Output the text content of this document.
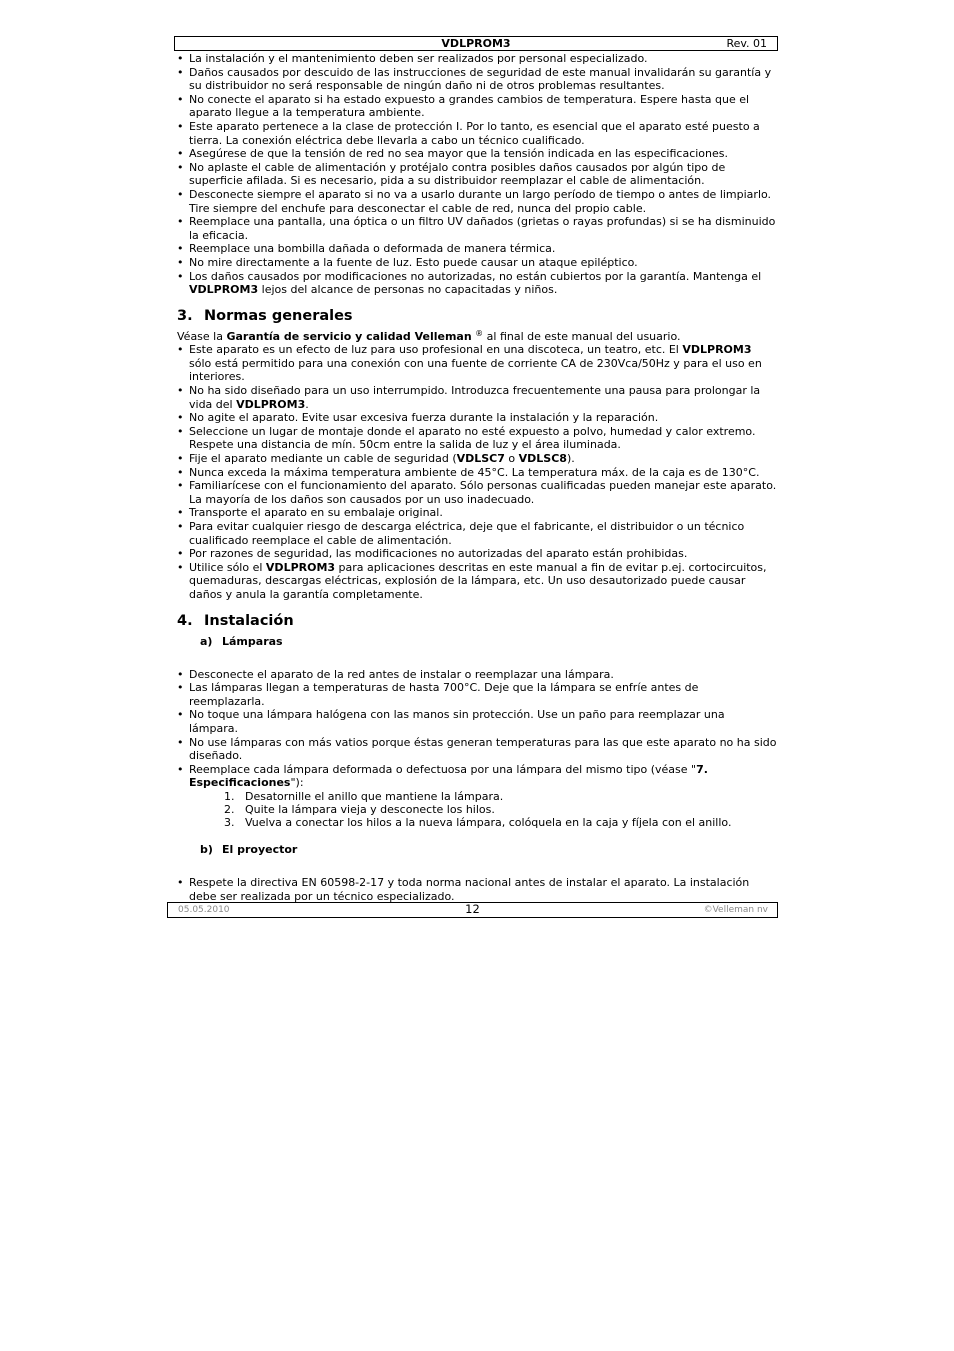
VDLPROM3	Rev. 01
• La instalación y el mantenimiento deben ser realizados por personal especializado.
• Daños causados por descuido de las instrucciones de seguridad de este manual invalidarán su garantía y su distribuidor no será responsable de ningún daño ni de otros problemas resultantes.
• No conecte el aparato si ha estado expuesto a grandes cambios de temperatura. Espere hasta que el aparato llegue a la temperatura ambiente.
• Este aparato pertenece a la clase de protección I. Por lo tanto, es esencial que el aparato esté puesto a tierra. La conexión eléctrica debe llevarla a cabo un técnico cualificado.
• Asegúrese de que la tensión de red no sea mayor que la tensión indicada en las especificaciones.
• No aplaste el cable de alimentación y protéjalo contra posibles daños causados por algún tipo de superficie afilada. Si es necesario, pida a su distribuidor reemplazar el cable de alimentación.
• Desconecte siempre el aparato si no va a usarlo durante un largo período de tiempo o antes de limpiarlo. Tire siempre del enchufe para desconectar el cable de red, nunca del propio cable.
• Reemplace una pantalla, una óptica o un filtro UV dañados (grietas o rayas profundas) si se ha disminuido la eficacia.
• Reemplace una bombilla dañada o deformada de manera térmica.
• No mire directamente a la fuente de luz. Esto puede causar un ataque epiléptico.
• Los daños causados por modificaciones no autorizadas, no están cubiertos por la garantía. Mantenga el VDLPROM3 lejos del alcance de personas no capacitadas y niños.
3. Normas generales

Véase la Garantía de servicio y calidad Velleman ® al final de este manual del usuario.

• Este aparato es un efecto de luz para uso profesional en una discoteca, un teatro, etc. El VDLPROM3 sólo está permitido para una conexión con una fuente de corriente CA de 230Vca/50Hz y para el uso en interiores.
• No ha sido diseñado para un uso interrumpido. Introduzca frecuentemente una pausa para prolongar la vida del VDLPROM3.
• No agite el aparato. Evite usar excesiva fuerza durante la instalación y la reparación.
• Seleccione un lugar de montaje donde el aparato no esté expuesto a polvo, humedad y calor extremo. Respete una distancia de mín. 50cm entre la salida de luz y el área iluminada.
• Fije el aparato mediante un cable de seguridad (VDLSC7 o VDLSC8).
• Nunca exceda la máxima temperatura ambiente de 45°C. La temperatura máx. de la caja es de 130°C.
• Familiarícese con el funcionamiento del aparato. Sólo personas cualificadas pueden manejar este aparato. La mayoría de los daños son causados por un uso inadecuado.
• Transporte el aparato en su embalaje original.
• Para evitar cualquier riesgo de descarga eléctrica, deje que el fabricante, el distribuidor o un técnico cualificado reemplace el cable de alimentación.
• Por razones de seguridad, las modificaciones no autorizadas del aparato están prohibidas.
• Utilice sólo el VDLPROM3 para aplicaciones descritas en este manual a fin de evitar p.ej. cortocircuitos, quemaduras, descargas eléctricas, explosión de la lámpara, etc. Un uso desautorizado puede causar daños y anula la garantía completamente.
4. Instalación
a) Lámparas
• Desconecte el aparato de la red antes de instalar o reemplazar una lámpara.
• Las lámparas llegan a temperaturas de hasta 700°C. Deje que la lámpara se enfríe antes de reemplazarla.
• No toque una lámpara halógena con las manos sin protección. Use un paño para reemplazar una lámpara.
• No use lámparas con más vatios porque éstas generan temperaturas para las que este aparato no ha sido diseñado.
• Reemplace cada lámpara deformada o defectuosa por una lámpara del mismo tipo (véase "7. Especificaciones"):
1. Desatornille el anillo que mantiene la lámpara.
2. Quite la lámpara vieja y desconecte los hilos.
3. Vuelva a conectar los hilos a la nueva lámpara, colóquela en la caja y fíjela con el anillo.
b) El proyector
• Respete la directiva EN 60598-2-17 y toda norma nacional antes de instalar el aparato. La instalación debe ser realizada por un técnico especializado.
05.05.2010	12	©Velleman nv
